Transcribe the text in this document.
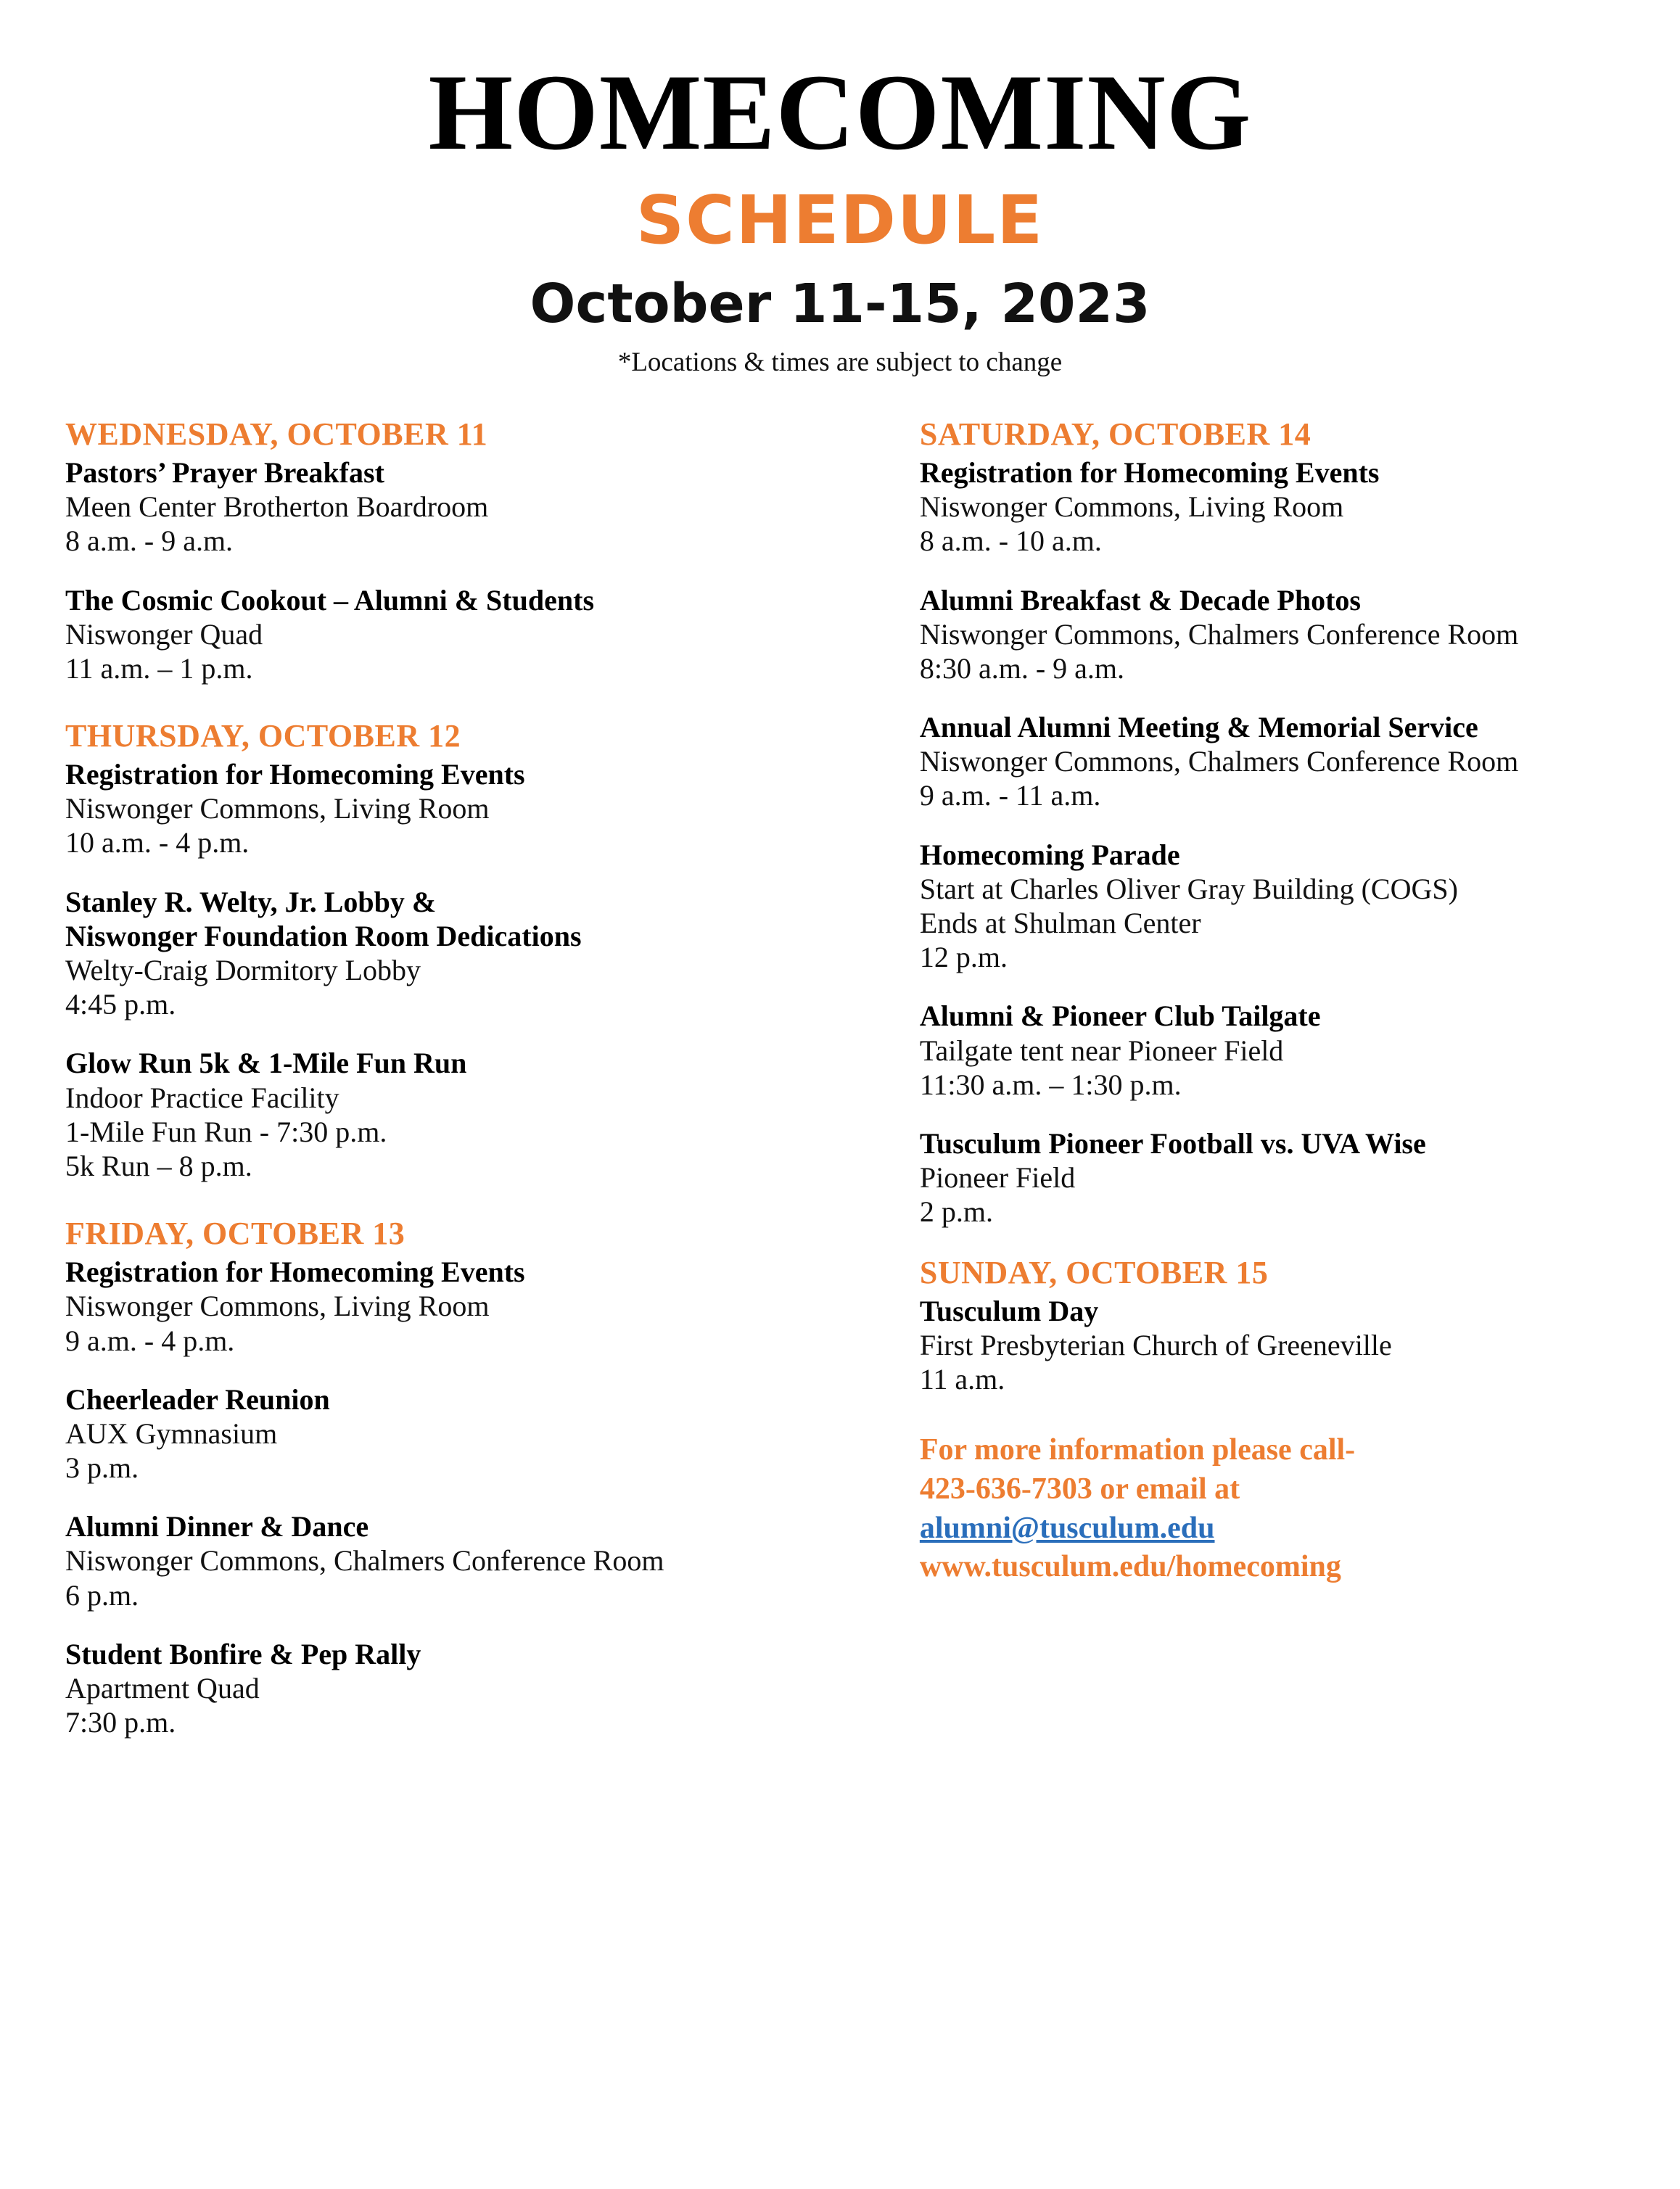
HOMECOMING
SCHEDULE
October 11-15, 2023
*Locations & times are subject to change
WEDNESDAY, OCTOBER 11
Pastors’ Prayer Breakfast
Meen Center Brotherton Boardroom
8 a.m. - 9 a.m.
The Cosmic Cookout – Alumni & Students
Niswonger Quad
11 a.m. – 1 p.m.
THURSDAY, OCTOBER 12
Registration for Homecoming Events
Niswonger Commons, Living Room
10 a.m. - 4 p.m.
Stanley R. Welty, Jr. Lobby &
Niswonger Foundation Room Dedications
Welty-Craig Dormitory Lobby
4:45 p.m.
Glow Run 5k & 1-Mile Fun Run
Indoor Practice Facility
1-Mile Fun Run - 7:30 p.m.
5k Run – 8 p.m.
FRIDAY, OCTOBER 13
Registration for Homecoming Events
Niswonger Commons, Living Room
9 a.m. - 4 p.m.
Cheerleader Reunion
AUX Gymnasium
3 p.m.
Alumni Dinner & Dance
Niswonger Commons, Chalmers Conference Room
6 p.m.
Student Bonfire & Pep Rally
Apartment Quad
7:30 p.m.
SATURDAY, OCTOBER 14
Registration for Homecoming Events
Niswonger Commons, Living Room
8 a.m. - 10 a.m.
Alumni Breakfast & Decade Photos
Niswonger Commons, Chalmers Conference Room
8:30 a.m. - 9 a.m.
Annual Alumni Meeting & Memorial Service
Niswonger Commons, Chalmers Conference Room
9 a.m. - 11 a.m.
Homecoming Parade
Start at Charles Oliver Gray Building (COGS)
Ends at Shulman Center
12 p.m.
Alumni & Pioneer Club Tailgate
Tailgate tent near Pioneer Field
11:30 a.m. – 1:30 p.m.
Tusculum Pioneer Football vs. UVA Wise
Pioneer Field
2 p.m.
SUNDAY, OCTOBER 15
Tusculum Day
First Presbyterian Church of Greeneville
11 a.m.
For more information please call-
423-636-7303 or email at
alumni@tusculum.edu
www.tusculum.edu/homecoming
